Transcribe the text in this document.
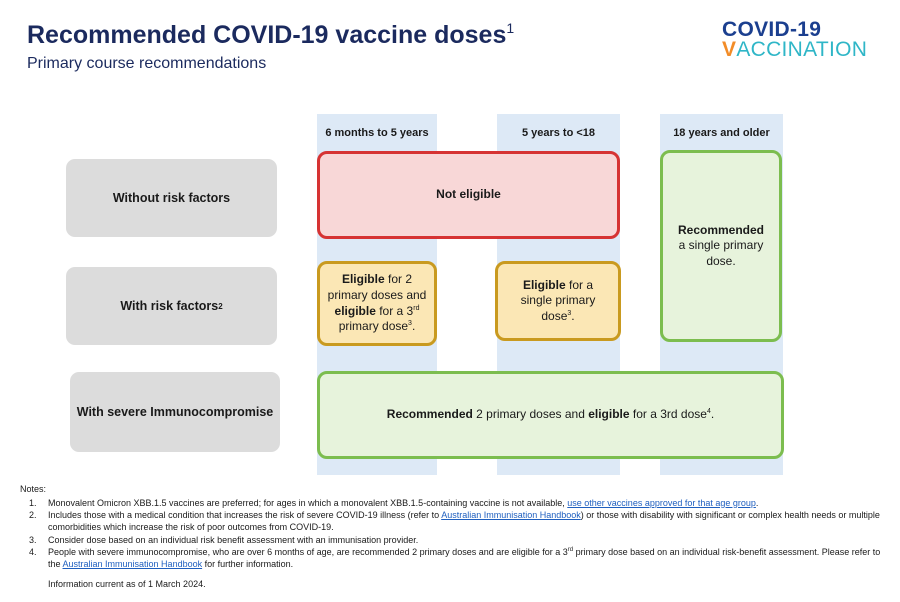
Recommended COVID-19 vaccine doses$^1$
Primary course recommendations
COVID-19
VACCINATION
6 months to 5 years	5 years to <18	18 years and older
Without risk factors
With risk factors 2
With severe Immunocompromise
Not eligible
Recommended a single primary dose.
Eligible for 2 primary doses and eligible for a 3rd primary dose$^3$.
Eligible for a single primary dose$^3$.
Recommended 2 primary doses and eligible for a 3rd dose$^4$.
Notes:
1. Monovalent Omicron XBB.1.5 vaccines are preferred; for ages in which a monovalent XBB.1.5-containing vaccine is not available, use other vaccines approved for that age group.
2. Includes those with a medical condition that increases the risk of severe COVID-19 illness (refer to Australian Immunisation Handbook) or those with disability with significant or complex health needs or multiple comorbidities which increase the risk of poor outcomes from COVID-19.
3. Consider dose based on an individual risk benefit assessment with an immunisation provider.
4. People with severe immunocompromise, who are over 6 months of age, are recommended 2 primary doses and are eligible for a 3rd primary dose based on an individual risk-benefit assessment. Please refer to the Australian Immunisation Handbook for further information.
Information current as of 1 March 2024.
